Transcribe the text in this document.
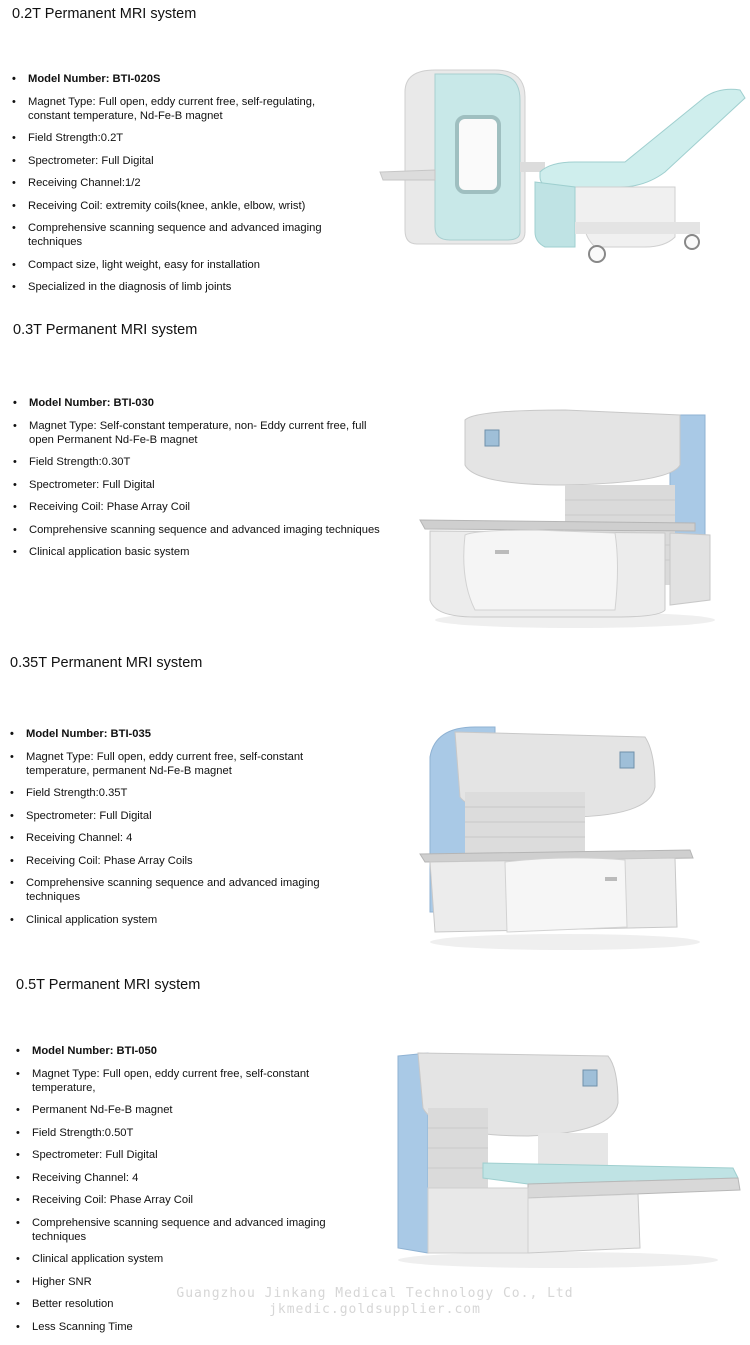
0.2T Permanent MRI system
• Model Number: BTI-020S
• Magnet Type: Full open, eddy current free, self-regulating, constant temperature, Nd-Fe-B magnet
• Field Strength:0.2T
• Spectrometer: Full Digital
• Receiving Channel:1/2
• Receiving Coil: extremity coils(knee, ankle, elbow, wrist)
• Comprehensive scanning sequence and advanced imaging techniques
• Compact size, light weight, easy for installation
• Specialized in the diagnosis of limb joints
0.3T Permanent MRI system
• Model Number: BTI-030
• Magnet Type: Self-constant temperature, non- Eddy current free, full open Permanent Nd-Fe-B magnet
• Field Strength:0.30T
• Spectrometer: Full Digital
• Receiving Coil: Phase Array Coil
• Comprehensive scanning sequence and advanced imaging techniques
• Clinical application basic system
0.35T Permanent MRI system
• Model Number: BTI-035
• Magnet Type: Full open, eddy current free, self-constant temperature, permanent Nd-Fe-B magnet
• Field Strength:0.35T
• Spectrometer: Full Digital
• Receiving Channel: 4
• Receiving Coil: Phase Array Coils
• Comprehensive scanning sequence and advanced imaging techniques
• Clinical application system
0.5T Permanent MRI system
• Model Number: BTI-050
• Magnet Type: Full open, eddy current free, self-constant temperature,
• Permanent Nd-Fe-B magnet
• Field Strength:0.50T
• Spectrometer: Full Digital
• Receiving Channel: 4
• Receiving Coil: Phase Array Coil
• Comprehensive scanning sequence and advanced imaging techniques
• Clinical application system
• Higher SNR
• Better resolution
• Less Scanning Time
Guangzhou Jinkang Medical Technology Co., Ltd
jkmedic.goldsupplier.com
